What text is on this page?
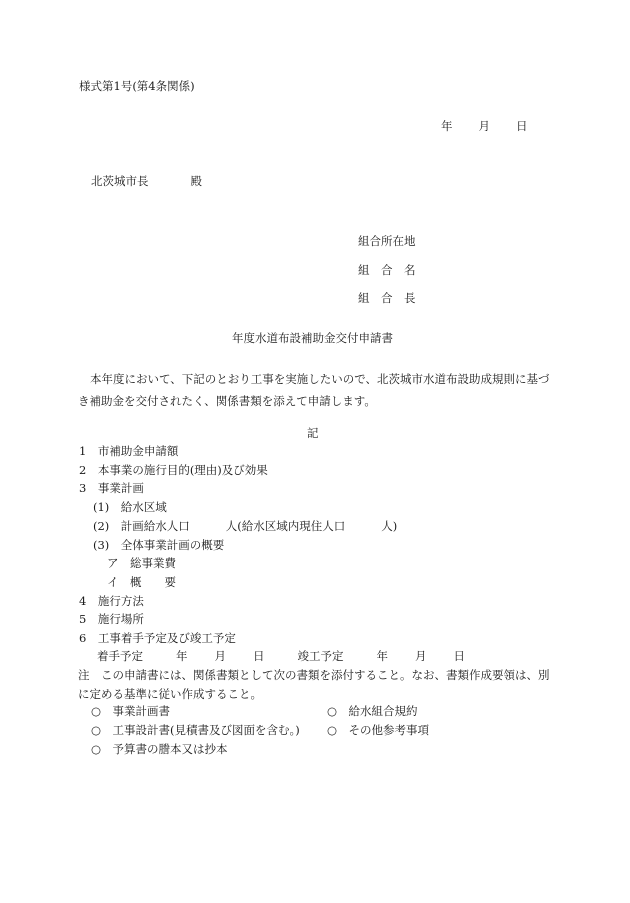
様式第1号(第4条関係)
年 月 日
北茨城市長	殿
組合所在地
組　合　名
組　合　長
年度水道布設補助金交付申請書
本年度において、下記のとおり工事を実施したいので、北茨城市水道布設助成規則に基づき補助金を交付されたく、関係書類を添えて申請します。
記
1　市補助金申請額
2　本事業の施行目的(理由)及び効果
3　事業計画
(1)　給水区域
(2)　計画給水人口	人(給水区域内現住人口	人)
(3)　全体事業計画の概要
ア　総事業費
イ　概　　要
4　施行方法
5　施行場所
6　工事着手予定及び竣工予定
着手予定	年 月 日	竣工予定	年 月 日
注　この申請書には、関係書類として次の書類を添付すること。なお、書類作成要領は、別に定める基準に従い作成すること。
○　事業計画書	○　給水組合規約
○　工事設計書(見積書及び図面を含む。) ○　その他参考事項
○　予算書の謄本又は抄本
